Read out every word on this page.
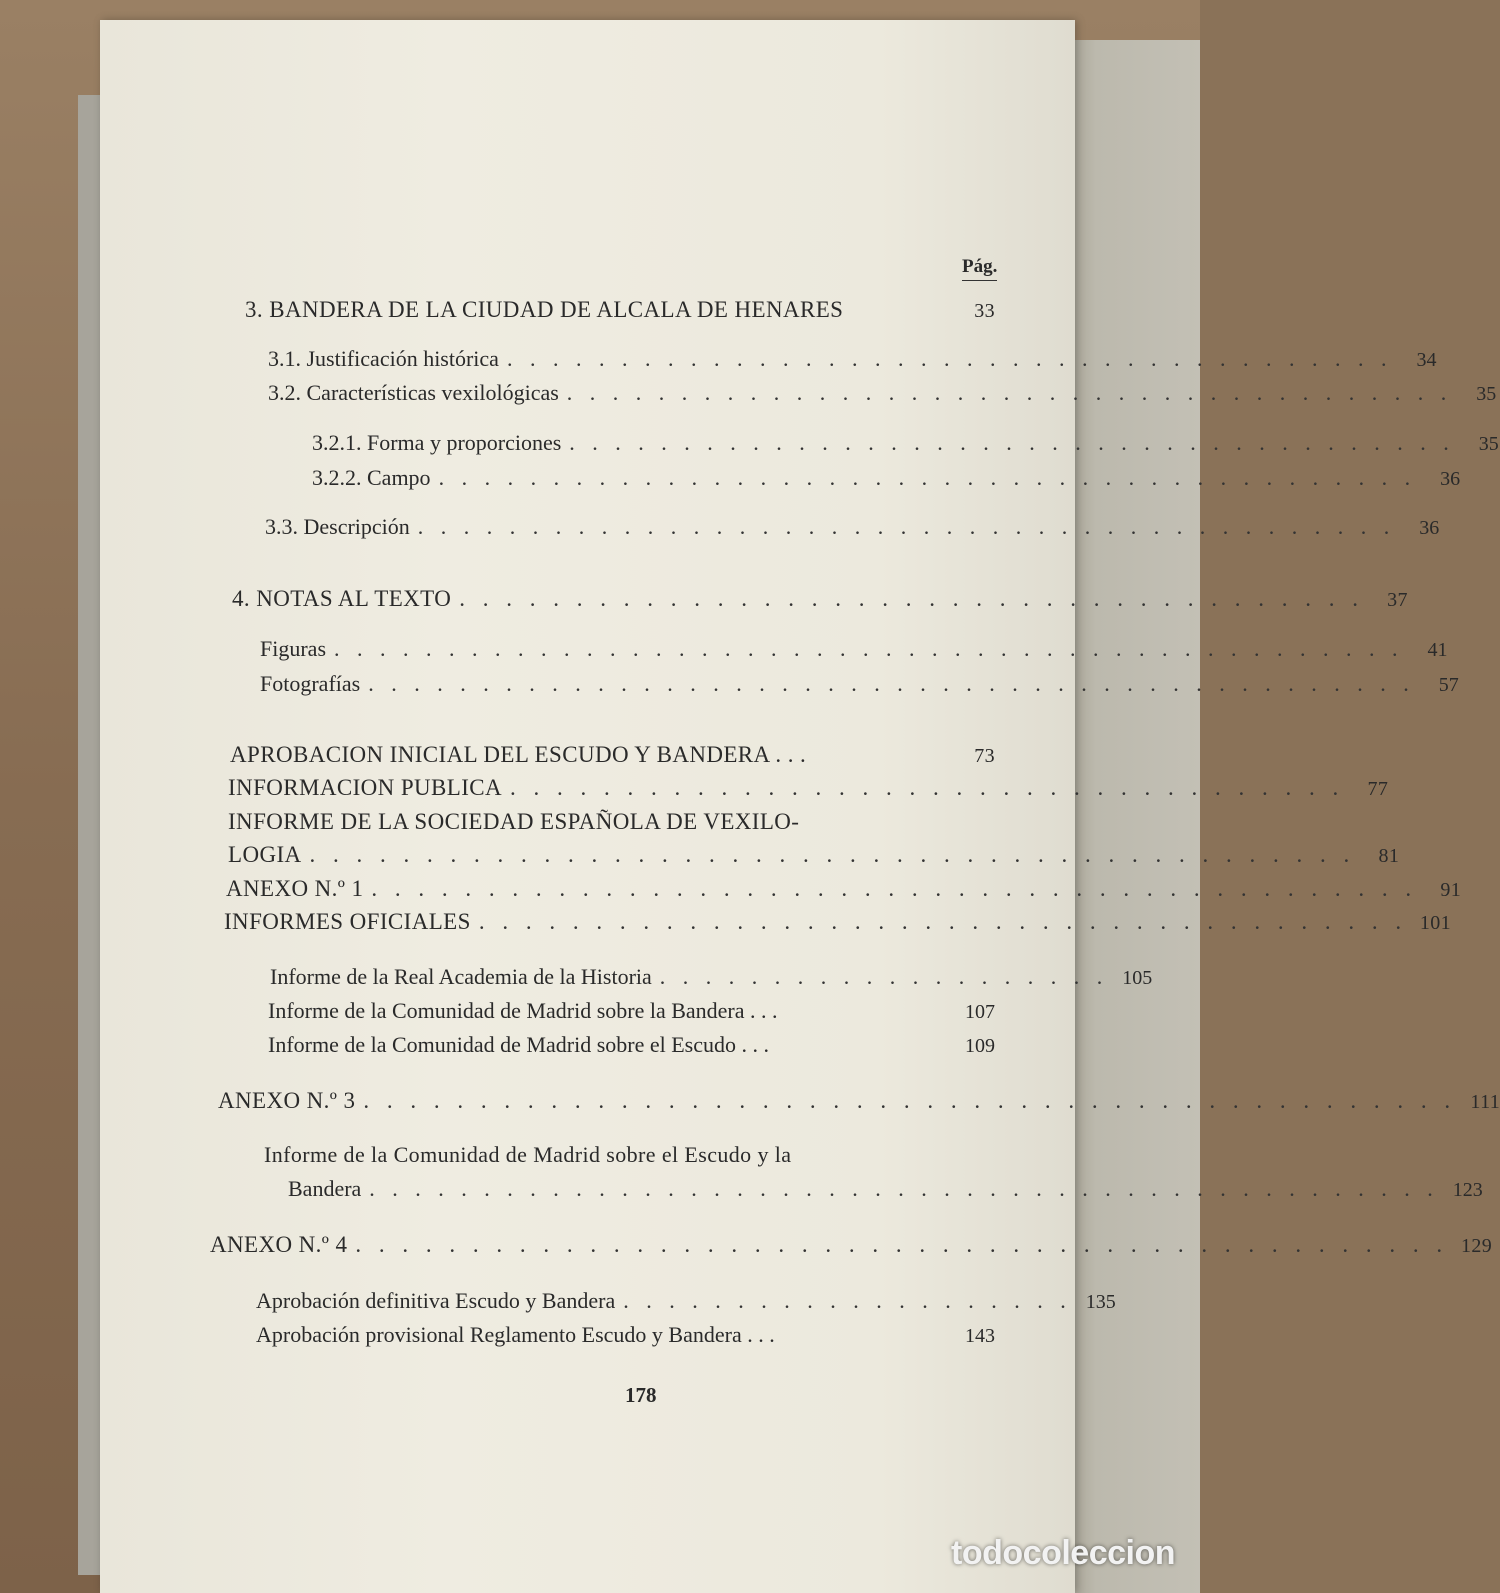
Pág.
3. BANDERA DE LA CIUDAD DE ALCALA DE HENARES	33
3.1. Justificación histórica . . . . . . . . . . . . . . . . . . . . . . . . . . . . . . . . . . . . . . .	34
3.2. Características vexilológicas . . . . . . . . . . . . . . . . . . . . . . . . . . . . . . . . . . . . . . .	35
3.2.1. Forma y proporciones . . . . . . . . . . . . . . . . . . . . . . . . . . . . . . . . . . . . . . .	35
3.2.2. Campo . . . . . . . . . . . . . . . . . . . . . . . . . . . . . . . . . . . . . . . . . . .	36
3.3. Descripción . . . . . . . . . . . . . . . . . . . . . . . . . . . . . . . . . . . . . . . . . . .	36
4. NOTAS AL TEXTO . . . . . . . . . . . . . . . . . . . . . . . . . . . . . . . . . . . . . . .	37
Figuras . . . . . . . . . . . . . . . . . . . . . . . . . . . . . . . . . . . . . . . . . . . . . . .	41
Fotografías . . . . . . . . . . . . . . . . . . . . . . . . . . . . . . . . . . . . . . . . . . . . . .	57
APROBACION INICIAL DEL ESCUDO Y BANDERA . . .	73
INFORMACION PUBLICA . . . . . . . . . . . . . . . . . . . . . . . . . . . . . . . . . . . .	77
INFORME DE LA SOCIEDAD ESPAÑOLA DE VEXILO-
LOGIA . . . . . . . . . . . . . . . . . . . . . . . . . . . . . . . . . . . . . . . . . . . . .	81
ANEXO N.º 1 . . . . . . . . . . . . . . . . . . . . . . . . . . . . . . . . . . . . . . . . . . . . .	91
INFORMES OFICIALES . . . . . . . . . . . . . . . . . . . . . . . . . . . . . . . . . . . . . . . . 101
Informe de la Real Academia de la Historia . . . . . . . . . . . . . . . . . . . . 105
Informe de la Comunidad de Madrid sobre la Bandera . . .	107
Informe de la Comunidad de Madrid sobre el Escudo . . .	109
ANEXO N.º 3 . . . . . . . . . . . . . . . . . . . . . . . . . . . . . . . . . . . . . . . . . . . . . . . 111
Informe de la Comunidad de Madrid sobre el Escudo y la
Bandera . . . . . . . . . . . . . . . . . . . . . . . . . . . . . . . . . . . . . . . . . . . . . . . 123
ANEXO N.º 4 . . . . . . . . . . . . . . . . . . . . . . . . . . . . . . . . . . . . . . . . . . . . . . . 129
Aprobación definitiva Escudo y Bandera . . . . . . . . . . . . . . . . . . . . 135
Aprobación provisional Reglamento Escudo y Bandera . . .	143
178
todocoleccion
